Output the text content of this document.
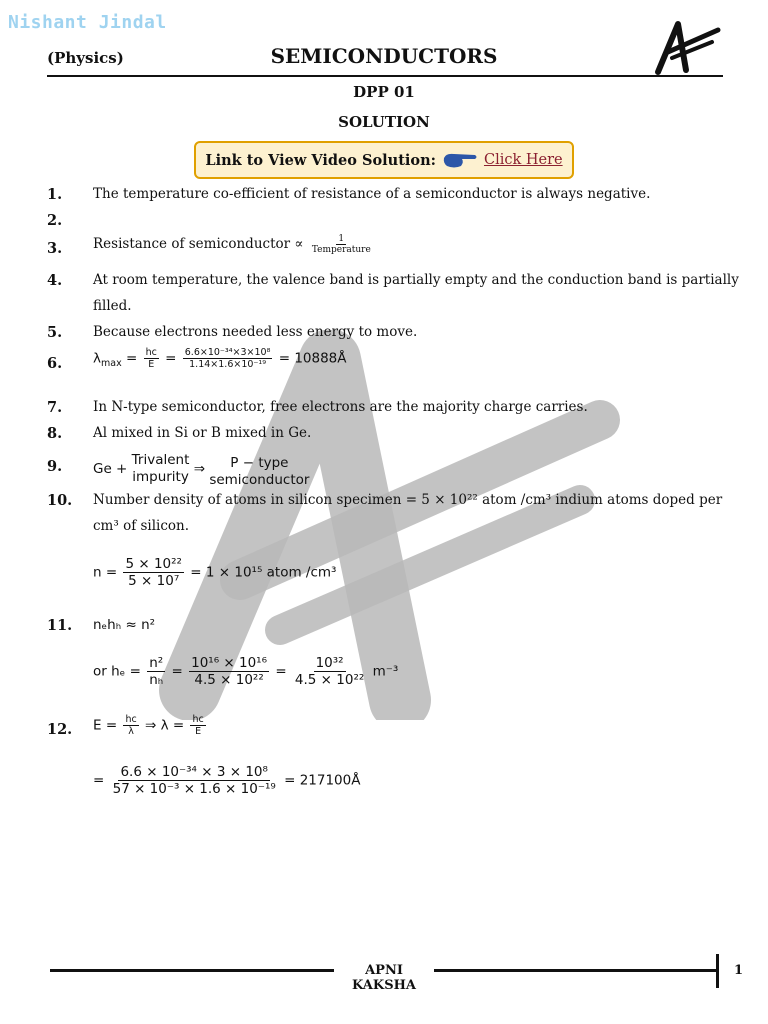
Nishant Jindal
(Physics)	SEMICONDUCTORS
DPP 01
SOLUTION
Link to View Video Solution:	Click Here
1. The temperature co-efficient of resistance of a semiconductor is always negative.
2.
3. Resistance of semiconductor ∝ $\frac{1}{\text{Temperature}}$
4. At room temperature, the valence band is partially empty and the conduction band is partially
filled.
5. Because electrons needed less energy to move.
6. $\lambda_{max} = \frac{hc}{E} = \frac{\text{6.6×10⁻³⁴×3×10⁸}}{\text{1.14×1.6×10⁻¹⁹}}$ = 10888Å
7. In N-type semiconductor, free electrons are the majority charge carries.
8. Al mixed in Si or B mixed in Ge.
9. Ge +
Trivalent
impurity ⇒ P − type
semiconductor
10. Number density of atoms in silicon specimen = 5 × 10²² atom /cm³ indium atoms doped per
cm³ of silicon.
$n = \frac{\text{5 × 10²²}}{\text{5 × 10⁷}} = 1 \times 10^{15}$ atom /cm³
11. nₑhₕ ≈ n²
or $h_e = \frac{\text{n²}}{\text{nₕ}} = \frac{\text{10¹⁶ × 10¹⁶}}{\text{4.5 × 10²²}} = \frac{\text{10³²}}{\text{4.5 × 10²²}} m^{-3}$
12. $E = \frac{hc}{\lambda}$ ⇒ $\lambda = \frac{hc}{E}$
= $\frac{\text{6.6 × 10⁻³⁴ × 3 × 10⁸}}{\text{57 × 10⁻³ × 1.6 × 10⁻¹⁹}}$ = 217100Å
APNI KAKSHA
1
